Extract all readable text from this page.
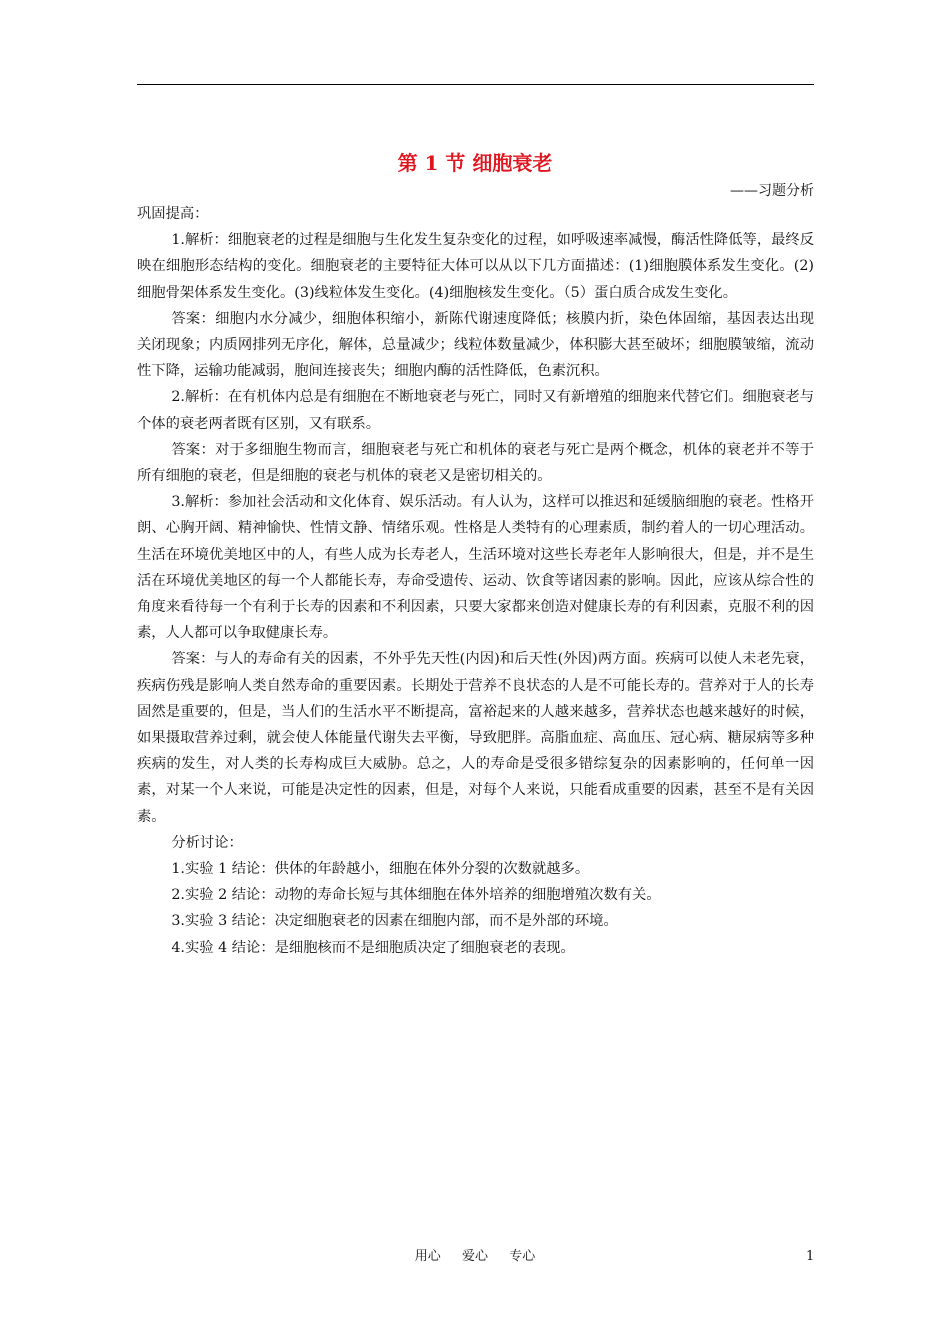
第 1 节 细胞衰老
——习题分析

巩固提高：

1.解析：细胞衰老的过程是细胞与生化发生复杂变化的过程，如呼吸速率减慢，酶活性降低等，最终反映在细胞形态结构的变化。细胞衰老的主要特征大体可以从以下几方面描述：(1)细胞膜体系发生变化。(2)细胞骨架体系发生变化。(3)线粒体发生变化。(4)细胞核发生变化。（5）蛋白质合成发生变化。

答案：细胞内水分减少，细胞体积缩小，新陈代谢速度降低；核膜内折，染色体固缩，基因表达出现关闭现象；内质网排列无序化，解体，总量减少；线粒体数量减少，体积膨大甚至破坏；细胞膜皱缩，流动性下降，运输功能减弱，胞间连接丧失；细胞内酶的活性降低，色素沉积。

2.解析：在有机体内总是有细胞在不断地衰老与死亡，同时又有新增殖的细胞来代替它们。细胞衰老与个体的衰老两者既有区别，又有联系。

答案：对于多细胞生物而言，细胞衰老与死亡和机体的衰老与死亡是两个概念，机体的衰老并不等于所有细胞的衰老，但是细胞的衰老与机体的衰老又是密切相关的。

3.解析：参加社会活动和文化体育、娱乐活动。有人认为，这样可以推迟和延缓脑细胞的衰老。性格开朗、心胸开阔、精神愉快、性情文静、情绪乐观。性格是人类特有的心理素质，制约着人的一切心理活动。生活在环境优美地区中的人，有些人成为长寿老人，生活环境对这些长寿老年人影响很大，但是，并不是生活在环境优美地区的每一个人都能长寿，寿命受遗传、运动、饮食等诸因素的影响。因此，应该从综合性的角度来看待每一个有利于长寿的因素和不利因素，只要大家都来创造对健康长寿的有利因素，克服不利的因素，人人都可以争取健康长寿。

答案：与人的寿命有关的因素，不外乎先天性(内因)和后天性(外因)两方面。疾病可以使人未老先衰，疾病伤残是影响人类自然寿命的重要因素。长期处于营养不良状态的人是不可能长寿的。营养对于人的长寿固然是重要的，但是，当人们的生活水平不断提高，富裕起来的人越来越多，营养状态也越来越好的时候，如果摄取营养过剩，就会使人体能量代谢失去平衡，导致肥胖。高脂血症、高血压、冠心病、糖尿病等多种疾病的发生，对人类的长寿构成巨大威胁。总之，人的寿命是受很多错综复杂的因素影响的，任何单一因素，对某一个人来说，可能是决定性的因素，但是，对每个人来说，只能看成重要的因素，甚至不是有关因素。

分析讨论：

1.实验 1 结论：供体的年龄越小，细胞在体外分裂的次数就越多。

2.实验 2 结论：动物的寿命长短与其体细胞在体外培养的细胞增殖次数有关。

3.实验 3 结论：决定细胞衰老的因素在细胞内部，而不是外部的环境。

4.实验 4 结论：是细胞核而不是细胞质决定了细胞衰老的表现。

用心  爱心  专心	1
